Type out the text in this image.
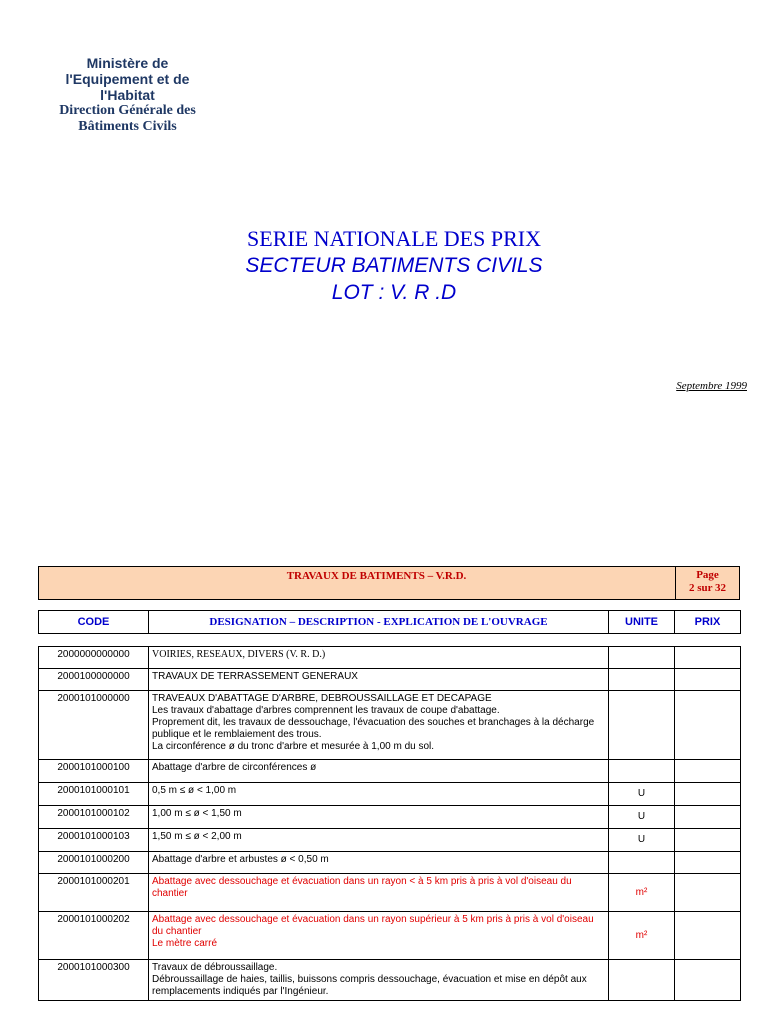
Ministère de
l'Equipement et de
l'Habitat
Direction Générale des
Bâtiments Civils
SERIE NATIONALE DES PRIX
SECTEUR BATIMENTS CIVILS
LOT : V. R .D
Septembre 1999
TRAVAUX DE BATIMENTS – V.R.D.	Page
2 sur 32
CODE	DESIGNATION – DESCRIPTION - EXPLICATION DE L'OUVRAGE	UNITE	PRIX
2000000000000	VOIRIES, RESEAUX, DIVERS (V. R. D.)		

2000100000000	TRAVAUX DE TERRASSEMENT GENERAUX		

2000101000000	TRAVEAUX D'ABATTAGE D'ARBRE, DEBROUSSAILLAGE ET DECAPAGE
Les travaux d'abattage d'arbres comprennent les travaux de coupe d'abattage.
Proprement dit, les travaux de dessouchage, l'évacuation des souches et branchages à la décharge publique et le remblaiement des trous.
La circonférence ø du tronc d'arbre et mesurée à 1,00 m du sol.		

2000101000100	Abattage d'arbre de circonférences ø		

2000101000101	0,5 m ≤ ø < 1,00 m	U	
2000101000102	1,00 m ≤ ø < 1,50 m	U	
2000101000103	1,50 m ≤ ø < 2,00 m	U	
2000101000200	Abattage d'arbre et arbustes ø < 0,50 m		

2000101000201	Abattage avec dessouchage et évacuation dans un rayon < à 5 km pris à pris à vol d'oiseau du chantier	m²	
2000101000202	Abattage avec dessouchage et évacuation dans un rayon supérieur à 5 km pris à pris à vol d'oiseau du chantier
Le mètre carré	m²	
2000101000300	Travaux de débroussaillage.
Débroussaillage de haies, taillis, buissons compris dessouchage, évacuation et mise en dépôt aux remplacements indiqués par l'Ingénieur.		
